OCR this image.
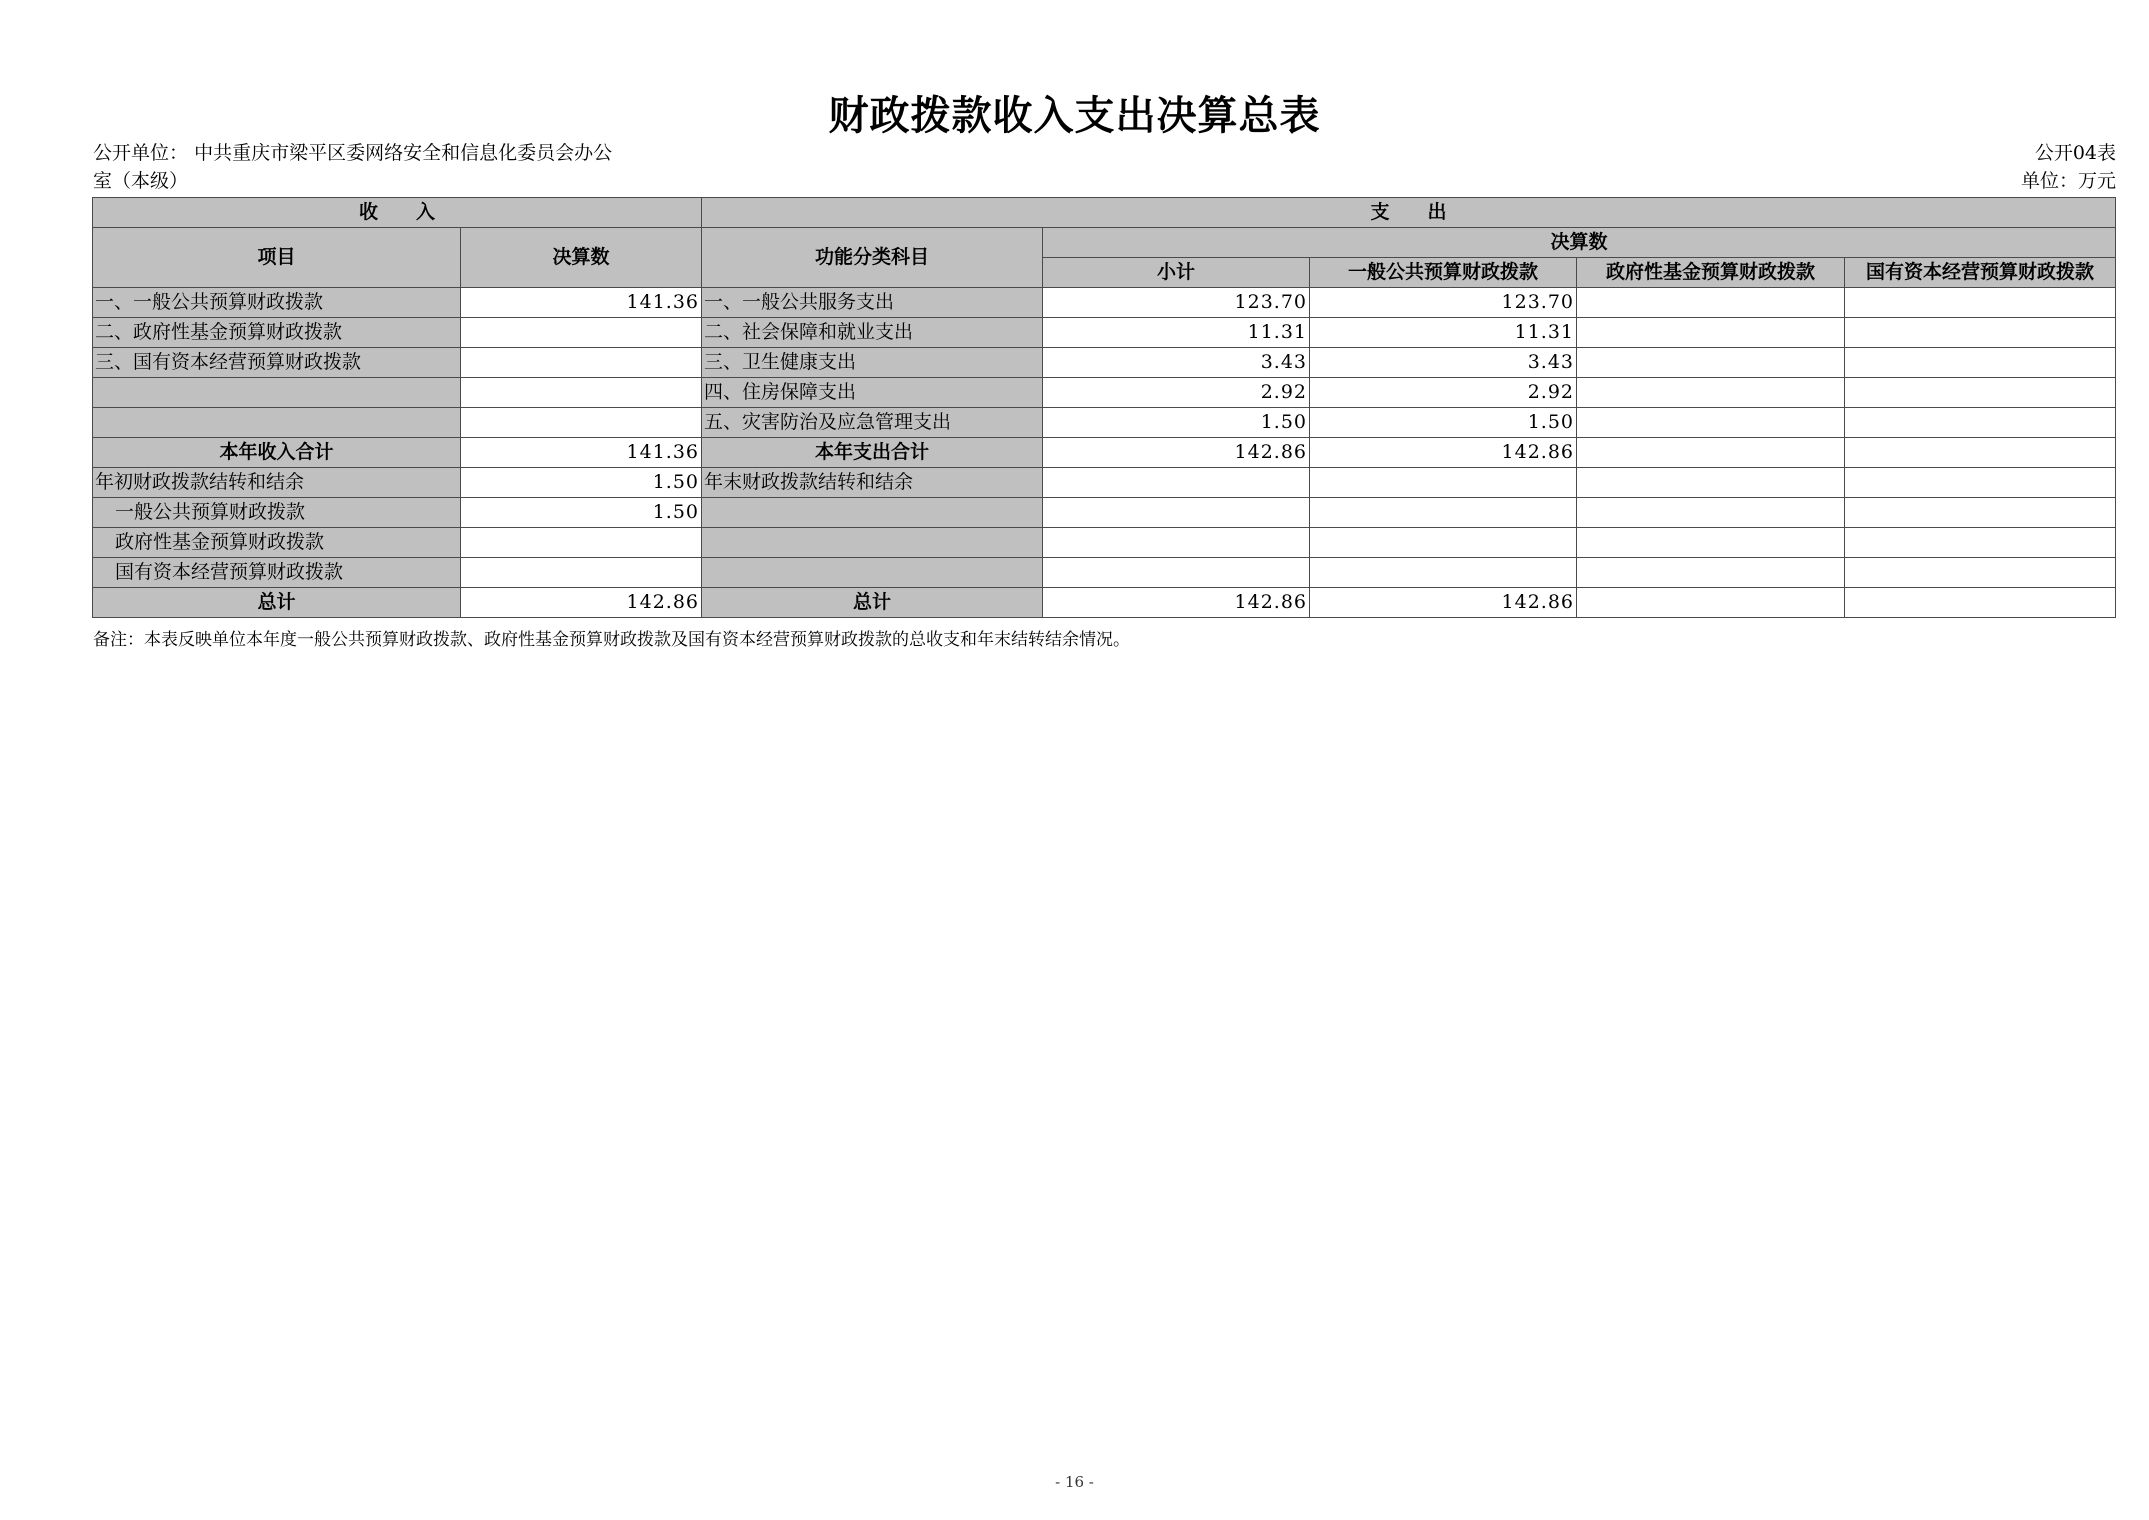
财政拨款收入支出决算总表
公开单位： 中共重庆市梁平区委网络安全和信息化委员会办公
室（本级）
公开04表
单位：万元
收　　入		支　　出				
项目	决算数	功能分类科目	决算数			
			小计	一般公共预算财政拨款	政府性基金预算财政拨款	国有资本经营预算财政拨款
一、一般公共预算财政拨款	141.36	一、一般公共服务支出	123.70	123.70		
二、政府性基金预算财政拨款		二、社会保障和就业支出	11.31	11.31		
三、国有资本经营预算财政拨款		三、卫生健康支出	3.43	3.43		
		四、住房保障支出	2.92	2.92		
		五、灾害防治及应急管理支出	1.50	1.50		
本年收入合计	141.36	本年支出合计	142.86	142.86		
年初财政拨款结转和结余	1.50	年末财政拨款结转和结余				
一般公共预算财政拨款	1.50					
政府性基金预算财政拨款						
国有资本经营预算财政拨款						
总计	142.86	总计	142.86	142.86		
备注：本表反映单位本年度一般公共预算财政拨款、政府性基金预算财政拨款及国有资本经营预算财政拨款的总收支和年末结转结余情况。
- 16 -
